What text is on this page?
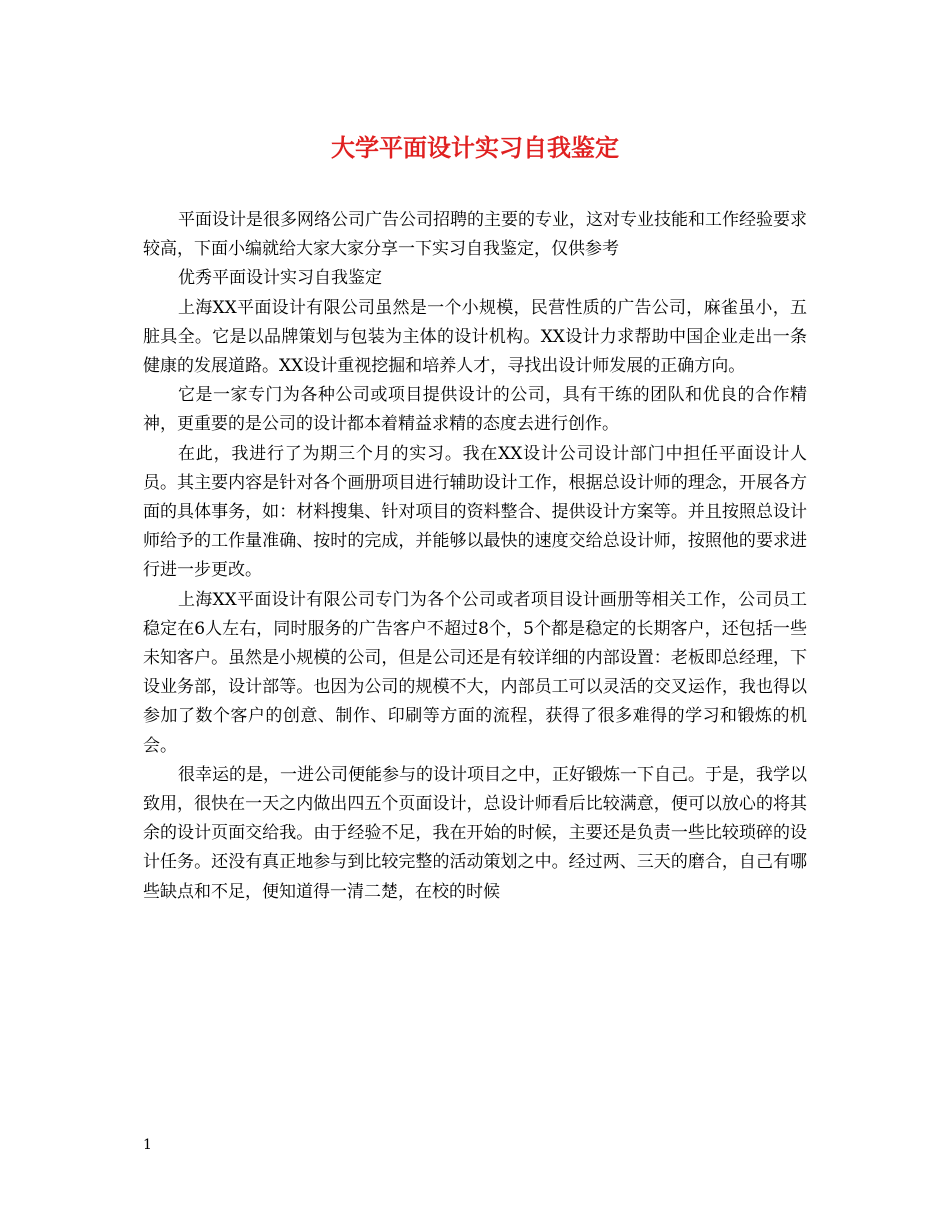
大学平面设计实习自我鉴定

平面设计是很多网络公司广告公司招聘的主要的专业，这对专业技能和工作经验要求较高，下面小编就给大家大家分享一下实习自我鉴定，仅供参考

优秀平面设计实习自我鉴定

上海XX平面设计有限公司虽然是一个小规模，民营性质的广告公司，麻雀虽小，五脏具全。它是以品牌策划与包装为主体的设计机构。XX设计力求帮助中国企业走出一条健康的发展道路。XX设计重视挖掘和培养人才，寻找出设计师发展的正确方向。

它是一家专门为各种公司或项目提供设计的公司，具有干练的团队和优良的合作精神，更重要的是公司的设计都本着精益求精的态度去进行创作。

在此，我进行了为期三个月的实习。我在XX设计公司设计部门中担任平面设计人员。其主要内容是针对各个画册项目进行辅助设计工作，根据总设计师的理念，开展各方面的具体事务，如：材料搜集、针对项目的资料整合、提供设计方案等。并且按照总设计师给予的工作量准确、按时的完成，并能够以最快的速度交给总设计师，按照他的要求进行进一步更改。

上海XX平面设计有限公司专门为各个公司或者项目设计画册等相关工作，公司员工稳定在6人左右，同时服务的广告客户不超过8个，5个都是稳定的长期客户，还包括一些未知客户。虽然是小规模的公司，但是公司还是有较详细的内部设置：老板即总经理，下设业务部，设计部等。也因为公司的规模不大，内部员工可以灵活的交叉运作，我也得以参加了数个客户的创意、制作、印刷等方面的流程，获得了很多难得的学习和锻炼的机会。

很幸运的是，一进公司便能参与的设计项目之中，正好锻炼一下自己。于是，我学以致用，很快在一天之内做出四五个页面设计，总设计师看后比较满意，便可以放心的将其余的设计页面交给我。由于经验不足，我在开始的时候，主要还是负责一些比较琐碎的设计任务。还没有真正地参与到比较完整的活动策划之中。经过两、三天的磨合，自己有哪些缺点和不足，便知道得一清二楚，在校的时候

1
